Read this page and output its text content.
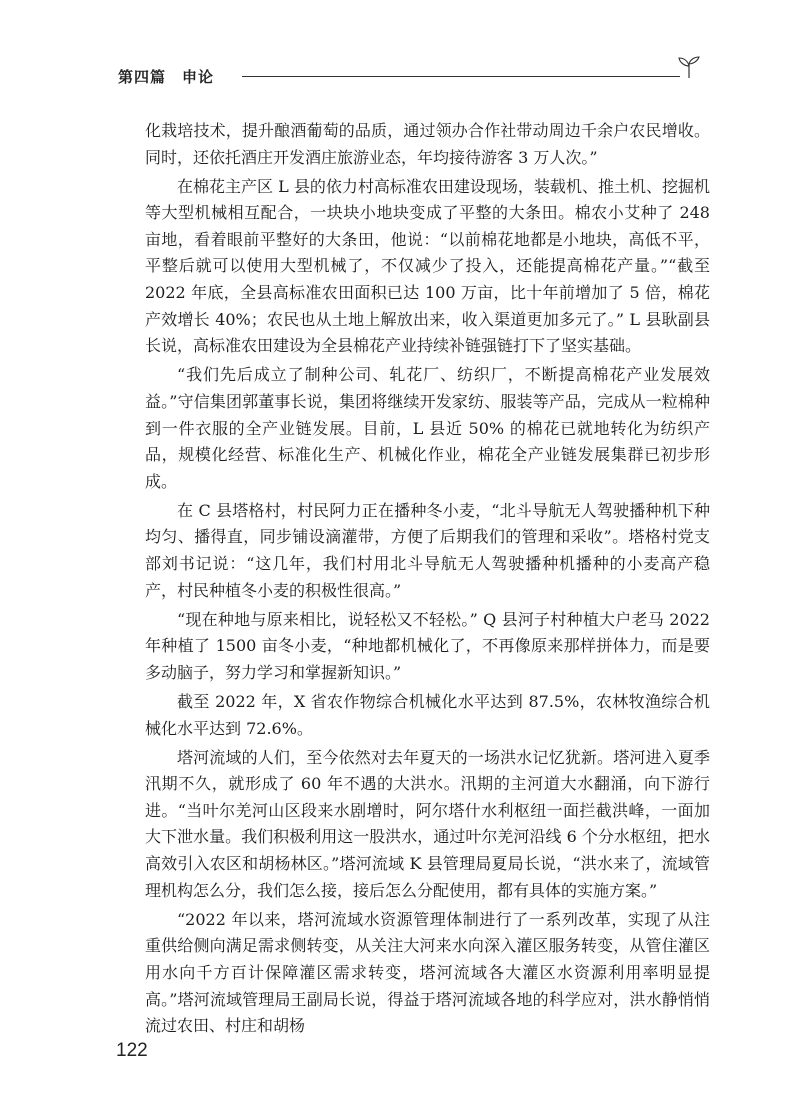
第四篇　申论

化栽培技术，提升酿酒葡萄的品质，通过领办合作社带动周边千余户农民增收。同时，还依托酒庄开发酒庄旅游业态，年均接待游客 3 万人次。”

在棉花主产区 L 县的依力村高标准农田建设现场，装载机、推土机、挖掘机等大型机械相互配合，一块块小地块变成了平整的大条田。棉农小艾种了 248 亩地，看着眼前平整好的大条田，他说：“以前棉花地都是小地块，高低不平，平整后就可以使用大型机械了，不仅减少了投入，还能提高棉花产量。”“截至 2022 年底，全县高标准农田面积已达 100 万亩，比十年前增加了 5 倍，棉花产效增长 40%；农民也从土地上解放出来，收入渠道更加多元了。” L 县耿副县长说，高标准农田建设为全县棉花产业持续补链强链打下了坚实基础。

“我们先后成立了制种公司、轧花厂、纺织厂，不断提高棉花产业发展效益。”守信集团郭董事长说，集团将继续开发家纺、服装等产品，完成从一粒棉种到一件衣服的全产业链发展。目前，L 县近 50% 的棉花已就地转化为纺织产品，规模化经营、标准化生产、机械化作业，棉花全产业链发展集群已初步形成。

在 C 县塔格村，村民阿力正在播种冬小麦，“北斗导航无人驾驶播种机下种均匀、播得直，同步铺设滴灌带，方便了后期我们的管理和采收”。塔格村党支部刘书记说：“这几年，我们村用北斗导航无人驾驶播种机播种的小麦高产稳产，村民种植冬小麦的积极性很高。”

“现在种地与原来相比，说轻松又不轻松。” Q 县河子村种植大户老马 2022 年种植了 1500 亩冬小麦，“种地都机械化了，不再像原来那样拼体力，而是要多动脑子，努力学习和掌握新知识。”

截至 2022 年，X 省农作物综合机械化水平达到 87.5%，农林牧渔综合机械化水平达到 72.6%。

塔河流域的人们，至今依然对去年夏天的一场洪水记忆犹新。塔河进入夏季汛期不久，就形成了 60 年不遇的大洪水。汛期的主河道大水翻涌，向下游行进。“当叶尔羌河山区段来水剧增时，阿尔塔什水利枢纽一面拦截洪峰，一面加大下泄水量。我们积极利用这一股洪水，通过叶尔羌河沿线 6 个分水枢纽，把水高效引入农区和胡杨林区。”塔河流域 K 县管理局夏局长说，“洪水来了，流域管理机构怎么分，我们怎么接，接后怎么分配使用，都有具体的实施方案。”

“2022 年以来，塔河流域水资源管理体制进行了一系列改革，实现了从注重供给侧向满足需求侧转变，从关注大河来水向深入灌区服务转变，从管住灌区用水向千方百计保障灌区需求转变，塔河流域各大灌区水资源利用率明显提高。”塔河流域管理局王副局长说，得益于塔河流域各地的科学应对，洪水静悄悄流过农田、村庄和胡杨

122
